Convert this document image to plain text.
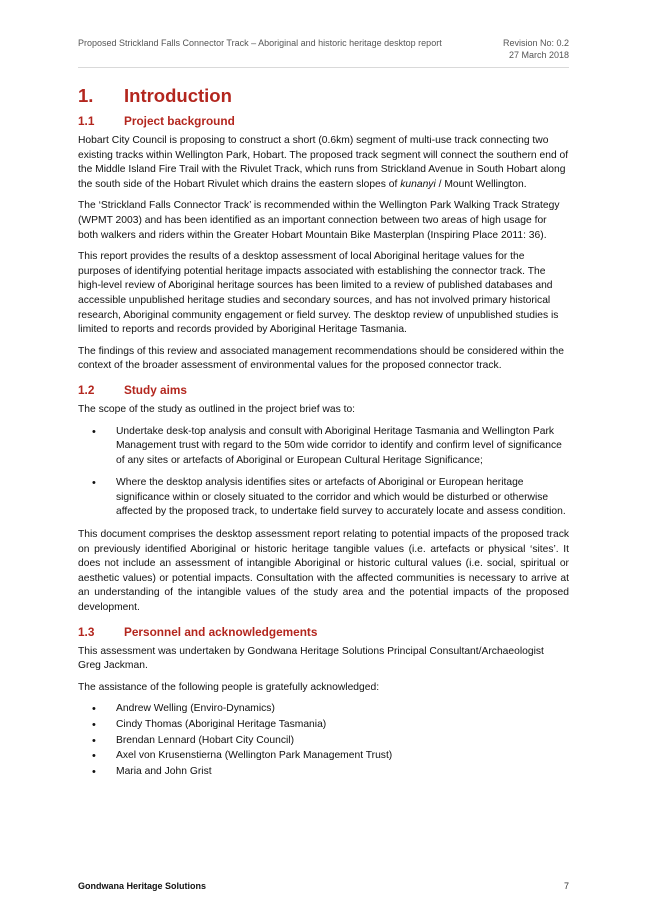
Proposed Strickland Falls Connector Track – Aboriginal and historic heritage desktop report	Revision No: 0.2
27 March 2018
1. Introduction
1.1	Project background

Hobart City Council is proposing to construct a short (0.6km) segment of multi-use track connecting two existing tracks within Wellington Park, Hobart. The proposed track segment will connect the southern end of the Middle Island Fire Trail with the Rivulet Track, which runs from Strickland Avenue in South Hobart along the south side of the Hobart Rivulet which drains the eastern slopes of kunanyi / Mount Wellington.

The ‘Strickland Falls Connector Track’ is recommended within the Wellington Park Walking Track Strategy (WPMT 2003) and has been identified as an important connection between two areas of high usage for both walkers and riders within the Greater Hobart Mountain Bike Masterplan (Inspiring Place 2011: 36).

This report provides the results of a desktop assessment of local Aboriginal heritage values for the purposes of identifying potential heritage impacts associated with establishing the connector track. The high-level review of Aboriginal heritage sources has been limited to a review of published databases and accessible unpublished heritage studies and secondary sources, and has not involved primary historical research, Aboriginal community engagement or field survey. The desktop review of unpublished studies is limited to reports and records provided by Aboriginal Heritage Tasmania.

The findings of this review and associated management recommendations should be considered within the context of the broader assessment of environmental values for the proposed connector track.

1.2	Study aims

The scope of the study as outlined in the project brief was to:

• Undertake desk-top analysis and consult with Aboriginal Heritage Tasmania and Wellington Park Management trust with regard to the 50m wide corridor to identify and confirm level of significance of any sites or artefacts of Aboriginal or European Cultural Heritage Significance;
• Where the desktop analysis identifies sites or artefacts of Aboriginal or European heritage significance within or closely situated to the corridor and which would be disturbed or otherwise affected by the proposed track, to undertake field survey to accurately locate and assess condition.

This document comprises the desktop assessment report relating to potential impacts of the proposed track on previously identified Aboriginal or historic heritage tangible values (i.e. artefacts or physical ‘sites’. It does not include an assessment of intangible Aboriginal or historic cultural values (i.e. social, spiritual or aesthetic values) or potential impacts. Consultation with the affected communities is necessary to arrive at an understanding of the intangible values of the study area and the potential impacts of the proposed development.

1.3	Personnel and acknowledgements

This assessment was undertaken by Gondwana Heritage Solutions Principal Consultant/Archaeologist Greg Jackman.

The assistance of the following people is gratefully acknowledged:

• Andrew Welling (Enviro-Dynamics)
• Cindy Thomas (Aboriginal Heritage Tasmania)
• Brendan Lennard (Hobart City Council)
• Axel von Krusenstierna (Wellington Park Management Trust)
• Maria and John Grist
Gondwana Heritage Solutions	7
